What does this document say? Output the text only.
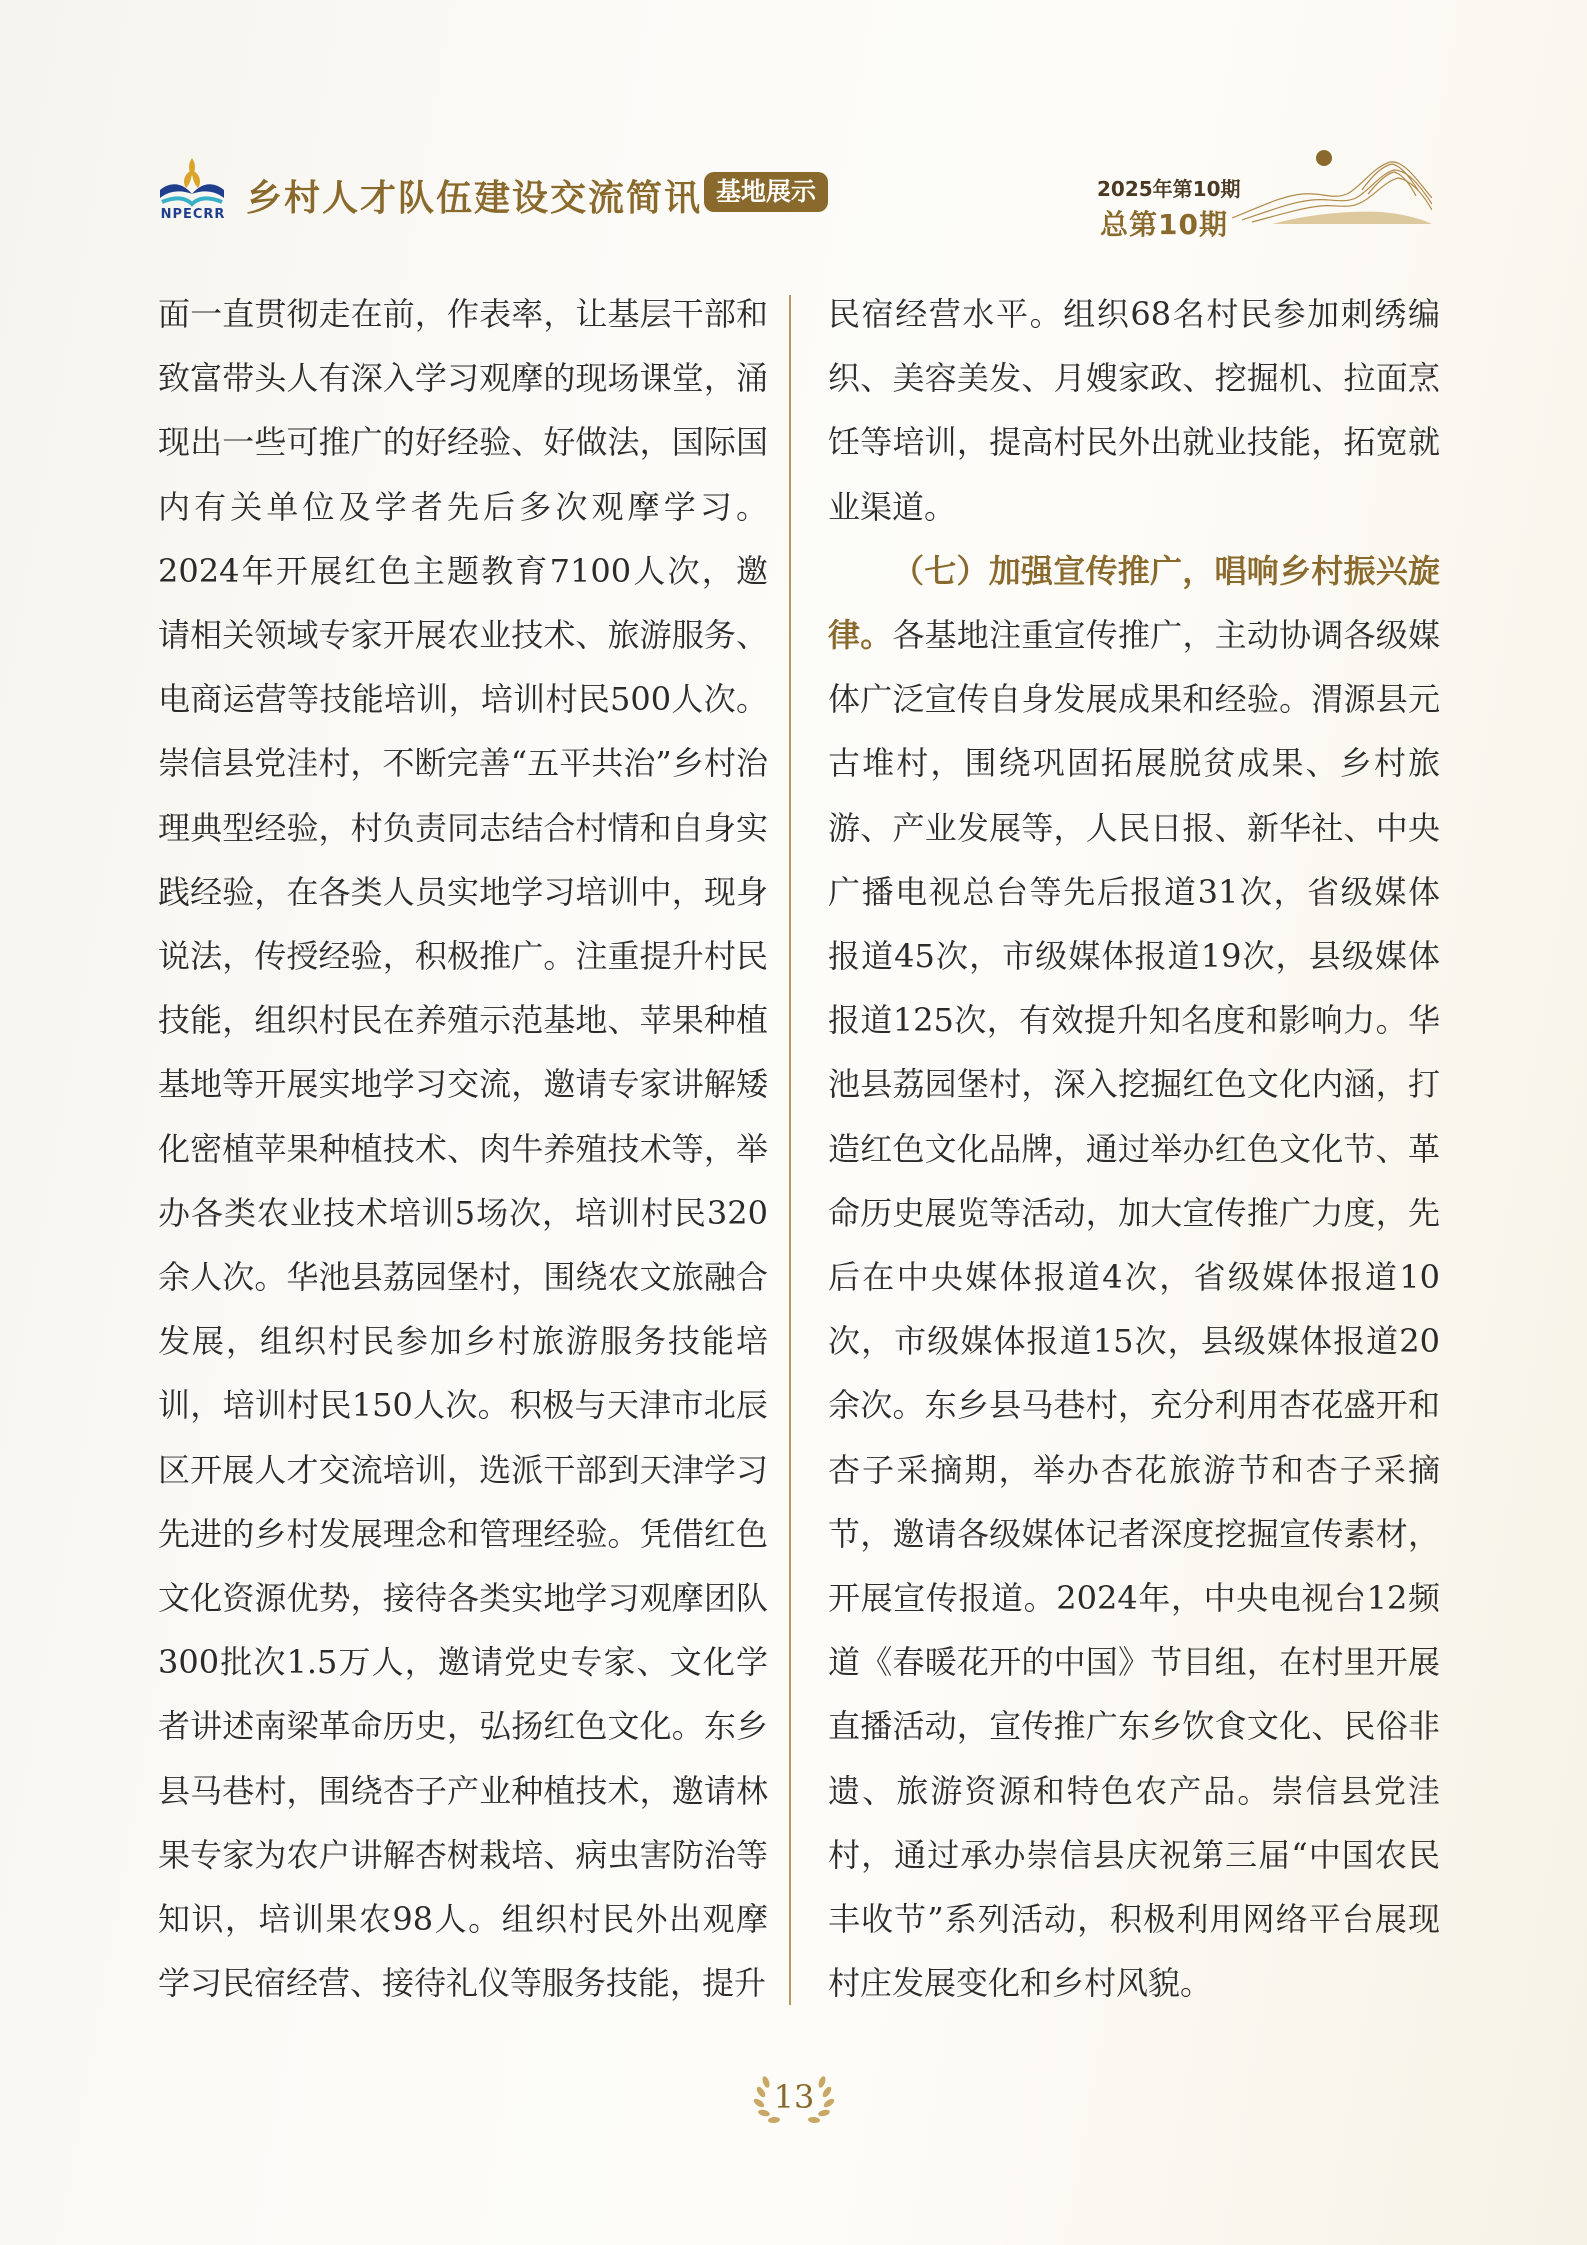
NPECRR 乡村人才队伍建设交流简讯 基地展示	2025年第10期
总第10期

面一直贯彻走在前，作表率，让基层干部和致富带头人有深入学习观摩的现场课堂，涌现出一些可推广的好经验、好做法，国际国内有关单位及学者先后多次观摩学习。2024年开展红色主题教育7100人次，邀请相关领域专家开展农业技术、旅游服务、电商运营等技能培训，培训村民500人次。崇信县党洼村，不断完善“五平共治”乡村治理典型经验，村负责同志结合村情和自身实践经验，在各类人员实地学习培训中，现身说法，传授经验，积极推广。注重提升村民技能，组织村民在养殖示范基地、苹果种植基地等开展实地学习交流，邀请专家讲解矮化密植苹果种植技术、肉牛养殖技术等，举办各类农业技术培训5场次，培训村民320余人次。华池县荔园堡村，围绕农文旅融合发展，组织村民参加乡村旅游服务技能培训，培训村民150人次。积极与天津市北辰区开展人才交流培训，选派干部到天津学习先进的乡村发展理念和管理经验。凭借红色文化资源优势，接待各类实地学习观摩团队300批次1.5万人，邀请党史专家、文化学者讲述南梁革命历史，弘扬红色文化。东乡县马巷村，围绕杏子产业种植技术，邀请林果专家为农户讲解杏树栽培、病虫害防治等知识，培训果农98人。组织村民外出观摩学习民宿经营、接待礼仪等服务技能，提升

民宿经营水平。组织68名村民参加刺绣编织、美容美发、月嫂家政、挖掘机、拉面烹饪等培训，提高村民外出就业技能，拓宽就业渠道。

（七）加强宣传推广，唱响乡村振兴旋律。各基地注重宣传推广，主动协调各级媒体广泛宣传自身发展成果和经验。渭源县元古堆村，围绕巩固拓展脱贫成果、乡村旅游、产业发展等，人民日报、新华社、中央广播电视总台等先后报道31次，省级媒体报道45次，市级媒体报道19次，县级媒体报道125次，有效提升知名度和影响力。华池县荔园堡村，深入挖掘红色文化内涵，打造红色文化品牌，通过举办红色文化节、革命历史展览等活动，加大宣传推广力度，先后在中央媒体报道4次，省级媒体报道10次，市级媒体报道15次，县级媒体报道20余次。东乡县马巷村，充分利用杏花盛开和杏子采摘期，举办杏花旅游节和杏子采摘节，邀请各级媒体记者深度挖掘宣传素材，开展宣传报道。2024年，中央电视台12频道《春暖花开的中国》节目组，在村里开展直播活动，宣传推广东乡饮食文化、民俗非遗、旅游资源和特色农产品。崇信县党洼村，通过承办崇信县庆祝第三届“中国农民丰收节”系列活动，积极利用网络平台展现村庄发展变化和乡村风貌。

13
